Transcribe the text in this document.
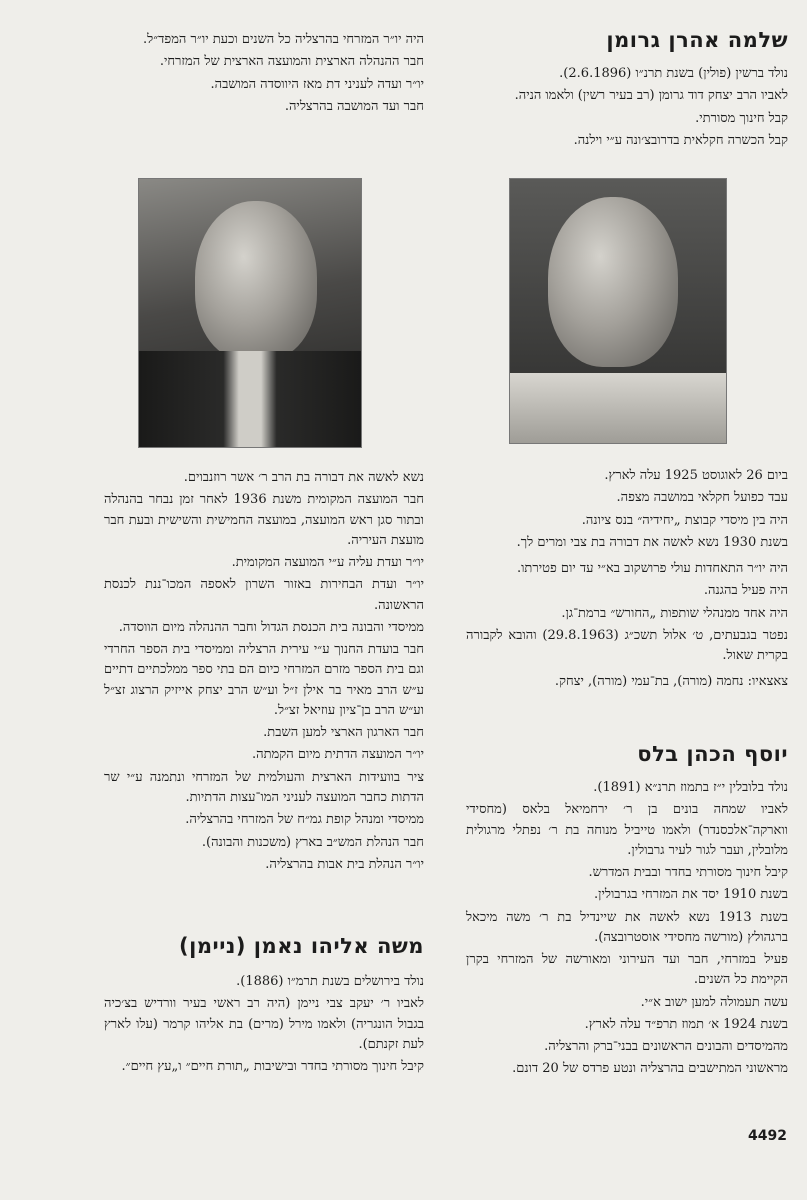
שלמה אהרן גרומן

נולד ברשין (פולין) בשנת תרנ״ו (2.6.1896).

לאביו הרב יצחק דוד גרומן (רב בעיר רשין) ולאמו הניה.

קבל חינוך מסורתי.

קבל הכשרה חקלאית בדרובצ׳ונה ע״י וילנה.

ביום 26 לאוגוסט 1925 עלה לארץ.

עבד כפועל חקלאי במושבה מצפה.

היה בין מיסדי קבוצת „יחידיה״ בנס ציונה.

בשנת 1930 נשא לאשה את דבורה בת צבי ומרים לך.

היה יו״ר התאחדות עולי פרושקוב בא״י עד יום פטירתו.

היה פעיל בהגנה.

היה אחד ממנהלי שותפות „החורש״ ברמת־גן.

נפטר בגבעתים, ט׳ אלול תשכ״ג (29.8.1963) והובא לקבורה בקרית שאול.

צאצאיו: נחמה (מורה), בת־עמי (מורה), יצחק.

יוסף הכהן בלס

נולד בלובלין י״ז בתמוז תרנ״א (1891).

לאביו שמחה בונים בן ר׳ ירחמיאל בלאס (מחסידי ווארקה־אלכסנדר) ולאמו טייביל מנוחה בת ר׳ נפתלי מרגולית מלובלין, ועבר לגור לעיר גרבולין.

קיבל חינוך מסורתי בחדר ובבית המדרש.

בשנת 1910 יסד את המזרחי בגרבולין.

בשנת 1913 נשא לאשה את שיינדיל בת ר׳ משה מיכאל ברגהולץ (מורשה מחסידי אוסטרובצה).

פעיל במזרחי, חבר ועד העירוני ומאורשה של המזרחי בקרן הקיימת כל השנים.

עשה תעמולה למען ישוב א״י.

בשנת 1924 א׳ תמוז תרפ״ד עלה לארץ.

מהמיסדים והבונים הראשונים בבני־ברק והרצליה.

מראשוני המתישבים בהרצליה ונטע פרדס של 20 דונם.

היה יו״ר המזרחי בהרצליה כל השנים וכעת יו״ר המפד״ל.

חבר ההנהלה הארצית והמועצה הארצית של המזרחי.

יו״ר ועדה לעניני דת מאז היווסדה המושבה.

חבר ועד המושבה בהרצליה.

נשא לאשה את דבורה בת הרב ר׳ אשר רוזנבוים.

חבר המועצה המקומית משנת 1936 לאחר זמן נבחר בהנהלה ובתור סגן ראש המועצה, במועצה החמישית והשישית ובעת חבר מועצת העיריה.

יו״ר ועדת עליה ע״י המועצה המקומית.

יו״ר ועדת הבחירות באזור השרון לאספה המכו־ננת לכנסת הראשונה.

ממיסדי והבונה בית הכנסת הגדול וחבר ההנהלה מיום הווסדה.

חבר בועדת החנוך ע״י עירית הרצליה וממיסדי בית הספר החרדי וגם בית הספר מזרם המזרחי כיום הם בתי ספר ממלכתיים דתיים ע״ש הרב מאיר בר אילן ז״ל וע״ש הרב יצחק אייזיק הרצוג זצ״ל וע״ש הרב בן־ציון עוזיאל זצ״ל.

חבר הארגון הארצי למען השבת.

יו״ר המועצה הדתית מיום הקמתה.

ציר בוועידות הארצית והעולמית של המזרחי ונתמנה ע״י שר הדתות כחבר המועצה לעניני המו־עצות הדתיות.

ממיסדי ומנהל קופת גמ״ח של המזרחי בהרצליה.

חבר הנהלת המש״ב בארץ (משכנות והבונה).

יו״ר הנהלת בית אבות בהרצליה.

משה אליהו נאמן (ניימן)

נולד בירושלים בשנת תרמ״ו (1886).

לאביו ר׳ יעקב צבי ניימן (היה רב ראשי בעיר וורדיש בצ׳כיה בגבול הונגריה) ולאמו מירל (מרים) בת אליהו קרמר (עלו לארץ לעת זקנתם).

קיבל חינוך מסורתי בחדר ובישיבות „תורת חיים״ ו„עץ חיים״.

4492
